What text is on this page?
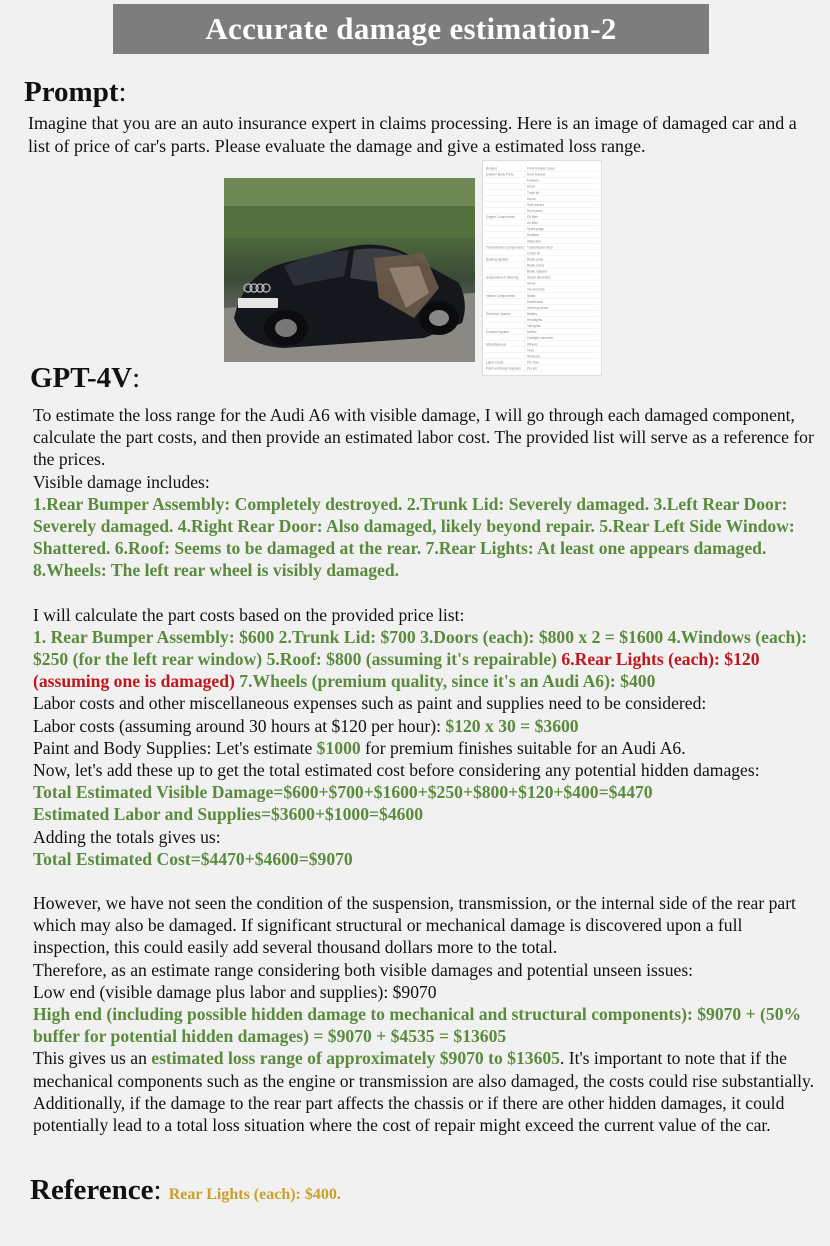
Accurate damage estimation-2
Prompt:
Imagine that you are an auto insurance expert in claims processing. Here is an image of damaged car and a list of price of car's parts. Please evaluate the damage and give a estimated loss range.
Bumper	Front bumper cover
Exterior Body Parts	Rear bumper
Fenders
Hood
Trunk lid
Doors
Side mirrors
Roof panel
Engine Components	Oil filter
Air filter
Spark plugs
Radiator
Alternator
Transmission Components Transmission fluid
Clutch kit
Braking System	Brake pads
Brake rotors
Brake calipers
Suspension & Steering	Shock absorbers
Struts
Tie rod ends
Interior Components	Seats
Dashboard
Steering wheel
Electrical System	Battery
Headlights
Tail lights
Exhaust System	Muffler
Catalytic converter
Miscellaneous	Wheels
Tires
Windows
Labor Costs	Per hour
Paint and Body Supplies Per job
GPT-4V:

To estimate the loss range for the Audi A6 with visible damage, I will go through each damaged component, calculate the part costs, and then provide an estimated labor cost. The provided list will serve as a reference for the prices.

Visible damage includes:

1.Rear Bumper Assembly: Completely destroyed. 2.Trunk Lid: Severely damaged. 3.Left Rear Door: Severely damaged. 4.Right Rear Door: Also damaged, likely beyond repair. 5.Rear Left Side Window: Shattered. 6.Roof: Seems to be damaged at the rear. 7.Rear Lights: At least one appears damaged. 8.Wheels: The left rear wheel is visibly damaged.

I will calculate the part costs based on the provided price list:

1. Rear Bumper Assembly: $600 2.Trunk Lid: $700 3.Doors (each): $800 x 2 = $1600 4.Windows (each): $250 (for the left rear window) 5.Roof: $800 (assuming it's repairable) 6.Rear Lights (each): $120 (assuming one is damaged) 7.Wheels (premium quality, since it's an Audi A6): $400

Labor costs and other miscellaneous expenses such as paint and supplies need to be considered:

Labor costs (assuming around 30 hours at $120 per hour): $120 x 30 = $3600

Paint and Body Supplies: Let's estimate $1000 for premium finishes suitable for an Audi A6.

Now, let's add these up to get the total estimated cost before considering any potential hidden damages:

Total Estimated Visible Damage=$600+$700+$1600+$250+$800+$120+$400=$4470

Estimated Labor and Supplies=$3600+$1000=$4600

Adding the totals gives us:

Total Estimated Cost=$4470+$4600=$9070

However, we have not seen the condition of the suspension, transmission, or the internal side of the rear part which may also be damaged. If significant structural or mechanical damage is discovered upon a full inspection, this could easily add several thousand dollars more to the total.

Therefore, as an estimate range considering both visible damages and potential unseen issues:

Low end (visible damage plus labor and supplies): $9070

High end (including possible hidden damage to mechanical and structural components): $9070 + (50% buffer for potential hidden damages) = $9070 + $4535 = $13605

This gives us an estimated loss range of approximately $9070 to $13605. It's important to note that if the mechanical components such as the engine or transmission are also damaged, the costs could rise substantially. Additionally, if the damage to the rear part affects the chassis or if there are other hidden damages, it could potentially lead to a total loss situation where the cost of repair might exceed the current value of the car.

Reference: Rear Lights (each): $400.
